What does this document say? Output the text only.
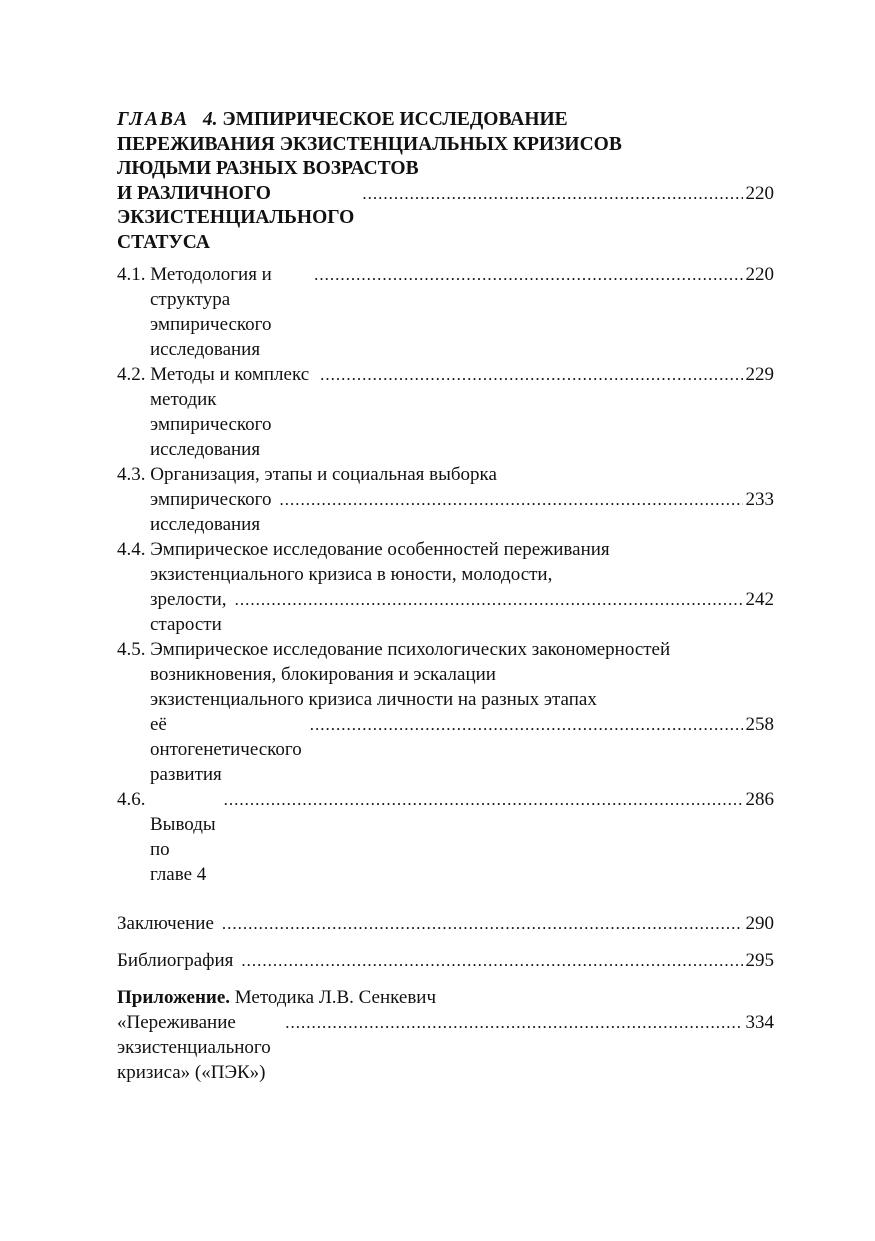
ГЛАВА 4. ЭМПИРИЧЕСКОЕ ИССЛЕДОВАНИЕ
ПЕРЕЖИВАНИЯ ЭКЗИСТЕНЦИАЛЬНЫХ КРИЗИСОВ
ЛЮДЬМИ РАЗНЫХ ВОЗРАСТОВ
И РАЗЛИЧНОГО ЭКЗИСТЕНЦИАЛЬНОГО СТАТУСА
.....
220
4.1. Методология и структура эмпирического исследования
.....
220
4.2. Методы и комплекс методик эмпирического исследования
.....
229
4.3. Организация, этапы и социальная выборка
эмпирического исследования
.....
233
4.4. Эмпирическое исследование особенностей переживания
экзистенциального кризиса в юности, молодости,
зрелости, старости
.....
242
4.5. Эмпирическое исследование психологических закономерностей
возникновения, блокирования и эскалации
экзистенциального кризиса личности на разных этапах
её онтогенетического развития
.....
258
4.6. Выводы по главе 4
.....
286
Заключение .....	290
Библиография .....	295
Приложение. Методика Л.В. Сенкевич
«Переживание экзистенциального кризиса» («ПЭК»)
.....
334
